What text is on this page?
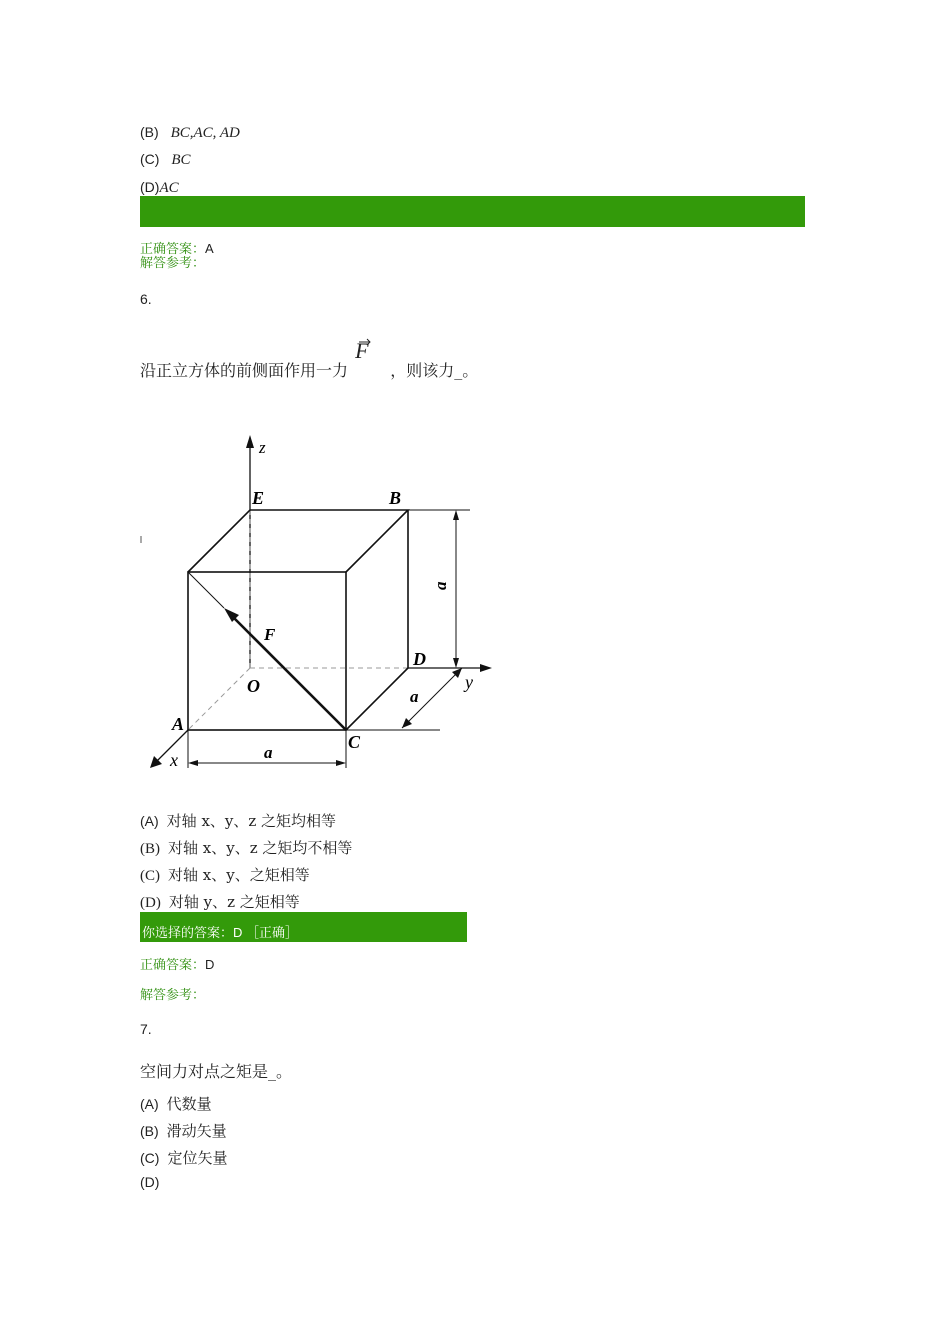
(B) BC,AC, AD
(C) BC
(D)AC
正确答案：A
解答参考：
6.
沿正立方体的前侧面作用一力
F
，则该力_。
z
E	B
a
D
F
O	y
a
A
C
x	a
(A) 对轴 x、y、z 之矩均相等
(B) 对轴 x、y、z 之矩均不相等
(C) 对轴 x、y、之矩相等
(D) 对轴 y、z 之矩相等
你选择的答案：D ［正确］
正确答案：D
解答参考：
7.
空间力对点之矩是_。
(A) 代数量
(B) 滑动矢量
(C) 定位矢量
(D)
